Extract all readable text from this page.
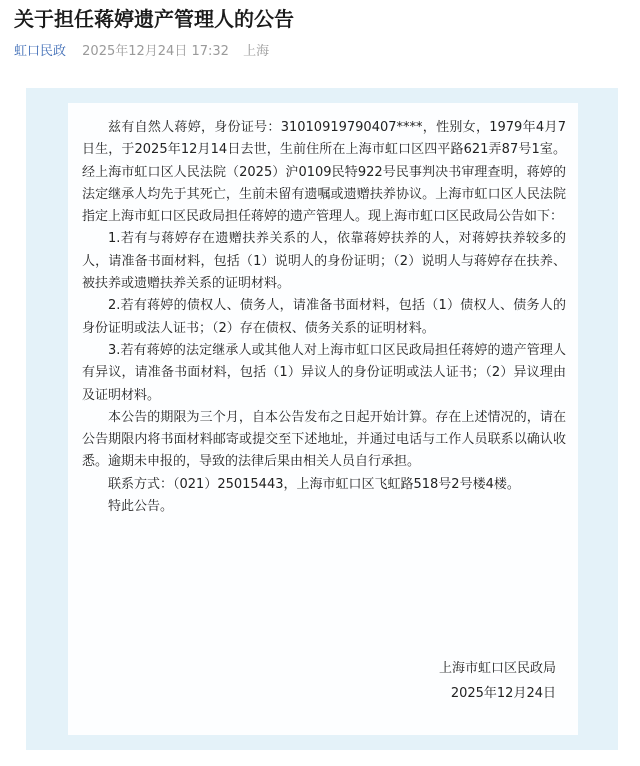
关于担任蒋婷遗产管理人的公告
虹口民政 2025年12月24日 17:32 上海

兹有自然人蒋婷，身份证号：31010919790407****，性别女，1979年4月7日生，于2025年12月14日去世，生前住所在上海市虹口区四平路621弄87号1室。经上海市虹口区人民法院（2025）沪0109民特922号民事判决书审理查明，蒋婷的法定继承人均先于其死亡，生前未留有遗嘱或遗赠扶养协议。上海市虹口区人民法院指定上海市虹口区民政局担任蒋婷的遗产管理人。现上海市虹口区民政局公告如下：

1.若有与蒋婷存在遗赠扶养关系的人，依靠蒋婷扶养的人，对蒋婷扶养较多的人，请准备书面材料，包括（1）说明人的身份证明；（2）说明人与蒋婷存在扶养、被扶养或遗赠扶养关系的证明材料。

2.若有蒋婷的债权人、债务人，请准备书面材料，包括（1）债权人、债务人的身份证明或法人证书；（2）存在债权、债务关系的证明材料。

3.若有蒋婷的法定继承人或其他人对上海市虹口区民政局担任蒋婷的遗产管理人有异议，请准备书面材料，包括（1）异议人的身份证明或法人证书；（2）异议理由及证明材料。

本公告的期限为三个月，自本公告发布之日起开始计算。存在上述情况的，请在公告期限内将书面材料邮寄或提交至下述地址，并通过电话与工作人员联系以确认收悉。逾期未申报的，导致的法律后果由相关人员自行承担。

联系方式：（021）25015443，上海市虹口区飞虹路518号2号楼4楼。

特此公告。

上海市虹口区民政局
2025年12月24日
